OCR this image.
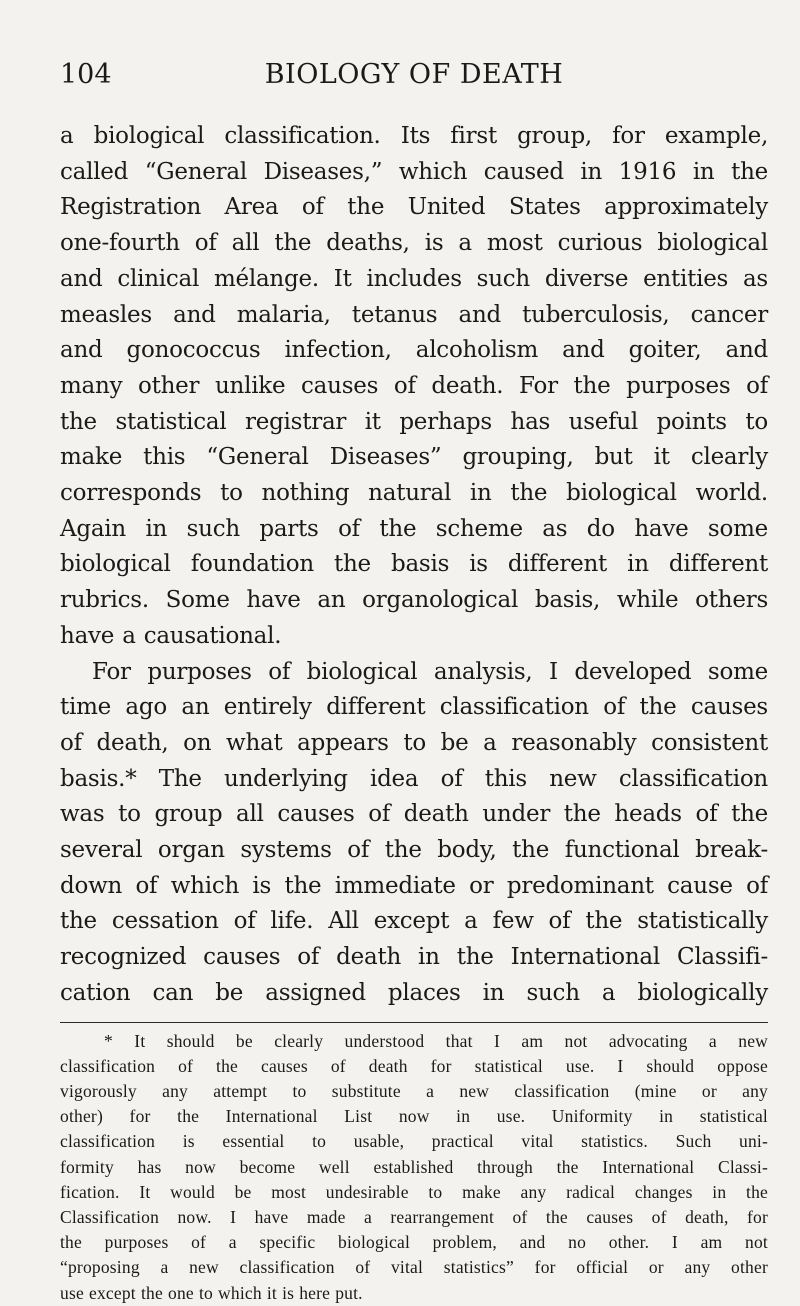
104	BIOLOGY OF DEATH
a biological classification. Its first group, for example,
called “General Diseases,” which caused in 1916 in the
Registration Area of the United States approximately
one-fourth of all the deaths, is a most curious biological
and clinical mélange. It includes such diverse entities as
measles and malaria, tetanus and tuberculosis, cancer
and gonococcus infection, alcoholism and goiter, and
many other unlike causes of death. For the purposes of
the statistical registrar it perhaps has useful points to
make this “General Diseases” grouping, but it clearly
corresponds to nothing natural in the biological world.
Again in such parts of the scheme as do have some
biological foundation the basis is different in different
rubrics. Some have an organological basis, while others
have a causational.
For purposes of biological analysis, I developed some
time ago an entirely different classification of the causes
of death, on what appears to be a reasonably consistent
basis.* The underlying idea of this new classification
was to group all causes of death under the heads of the
several organ systems of the body, the functional break-
down of which is the immediate or predominant cause of
the cessation of life. All except a few of the statistically
recognized causes of death in the International Classifi-
cation can be assigned places in such a biologically
* It should be clearly understood that I am not advocating a new
classification of the causes of death for statistical use. I should oppose
vigorously any attempt to substitute a new classification (mine or any
other) for the International List now in use. Uniformity in statistical
classification is essential to usable, practical vital statistics. Such uni-
formity has now become well established through the International Classi-
fication. It would be most undesirable to make any radical changes in the
Classification now. I have made a rearrangement of the causes of death, for
the purposes of a specific biological problem, and no other. I am not
“proposing a new classification of vital statistics” for official or any other
use except the one to which it is here put.
